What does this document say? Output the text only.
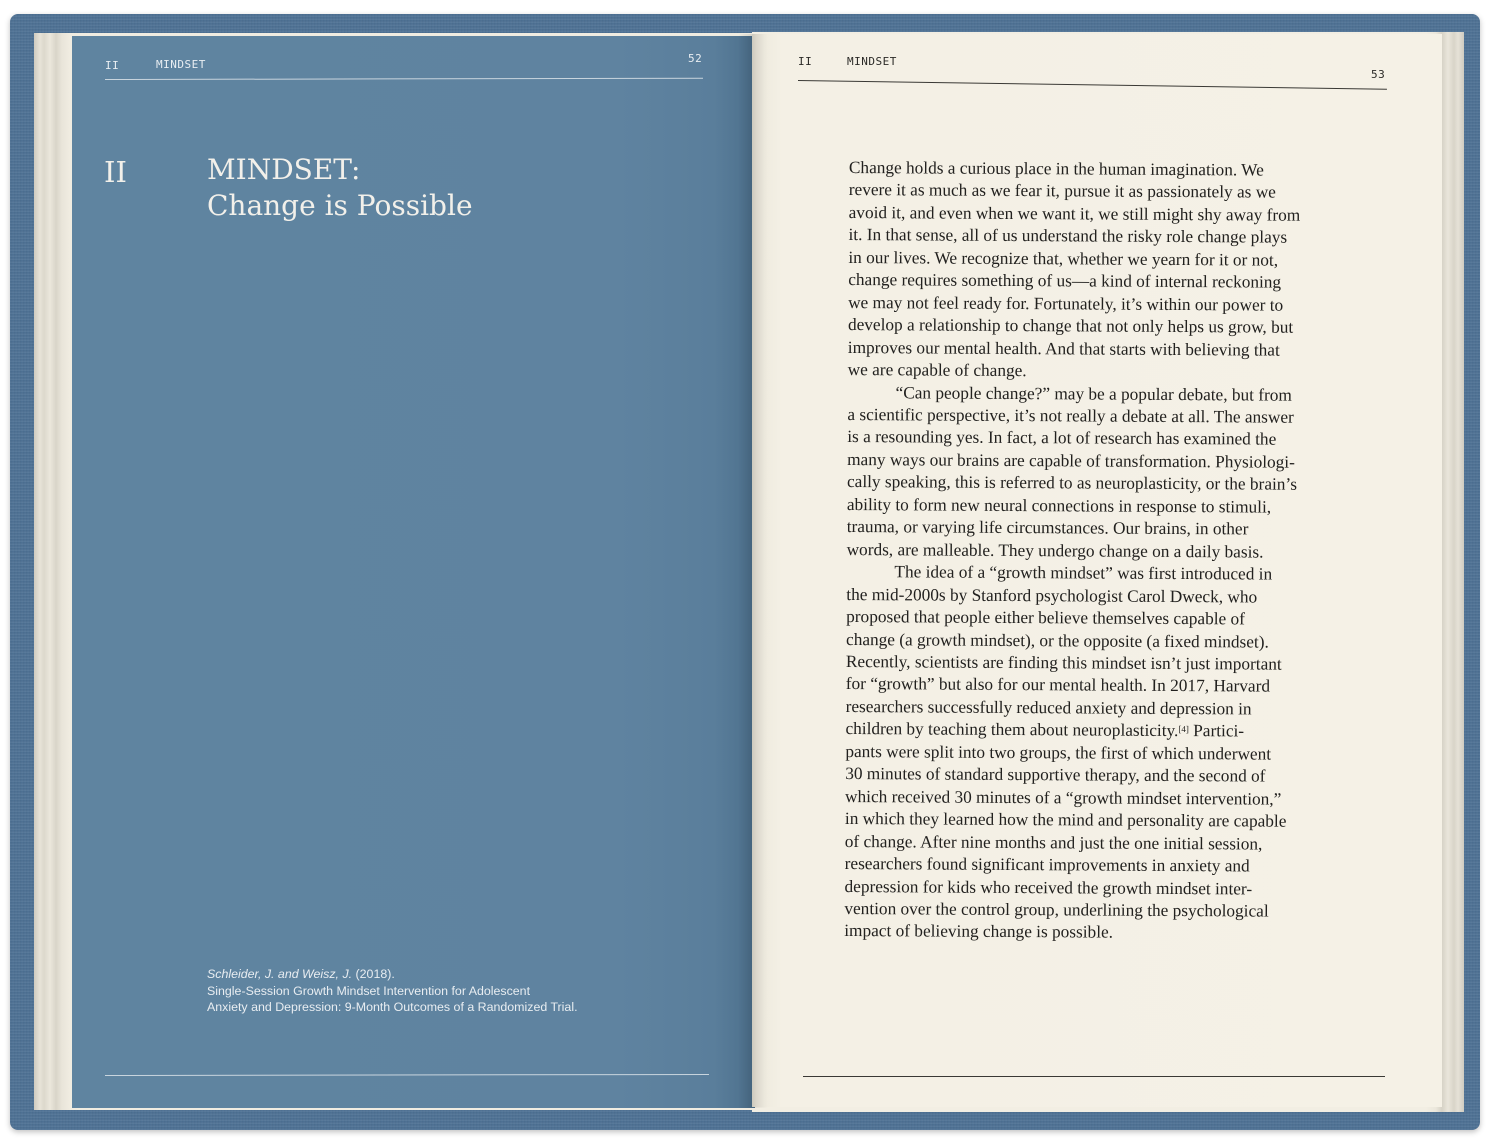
II	MINDSET	52
II	MINDSET:
Change is Possible
Schleider, J. and Weisz, J. (2018).
Single-Session Growth Mindset Intervention for Adolescent
Anxiety and Depression: 9-Month Outcomes of a Randomized Trial.
II	MINDSET
53
Change holds a curious place in the human imagination. We
revere it as much as we fear it, pursue it as passionately as we
avoid it, and even when we want it, we still might shy away from
it. In that sense, all of us understand the risky role change plays
in our lives. We recognize that, whether we yearn for it or not,
change requires something of us—a kind of internal reckoning
we may not feel ready for. Fortunately, it’s within our power to
develop a relationship to change that not only helps us grow, but
improves our mental health. And that starts with believing that
we are capable of change.
“Can people change?” may be a popular debate, but from
a scientific perspective, it’s not really a debate at all. The answer
is a resounding yes. In fact, a lot of research has examined the
many ways our brains are capable of transformation. Physiologi-
cally speaking, this is referred to as neuroplasticity, or the brain’s
ability to form new neural connections in response to stimuli,
trauma, or varying life circumstances. Our brains, in other
words, are malleable. They undergo change on a daily basis.
The idea of a “growth mindset” was first introduced in
the mid-2000s by Stanford psychologist Carol Dweck, who
proposed that people either believe themselves capable of
change (a growth mindset), or the opposite (a fixed mindset).
Recently, scientists are finding this mindset isn’t just important
for “growth” but also for our mental health. In 2017, Harvard
researchers successfully reduced anxiety and depression in
children by teaching them about neuroplasticity.[4] Partici-
pants were split into two groups, the first of which underwent
30 minutes of standard supportive therapy, and the second of
which received 30 minutes of a “growth mindset intervention,”
in which they learned how the mind and personality are capable
of change. After nine months and just the one initial session,
researchers found significant improvements in anxiety and
depression for kids who received the growth mindset inter-
vention over the control group, underlining the psychological
impact of believing change is possible.
